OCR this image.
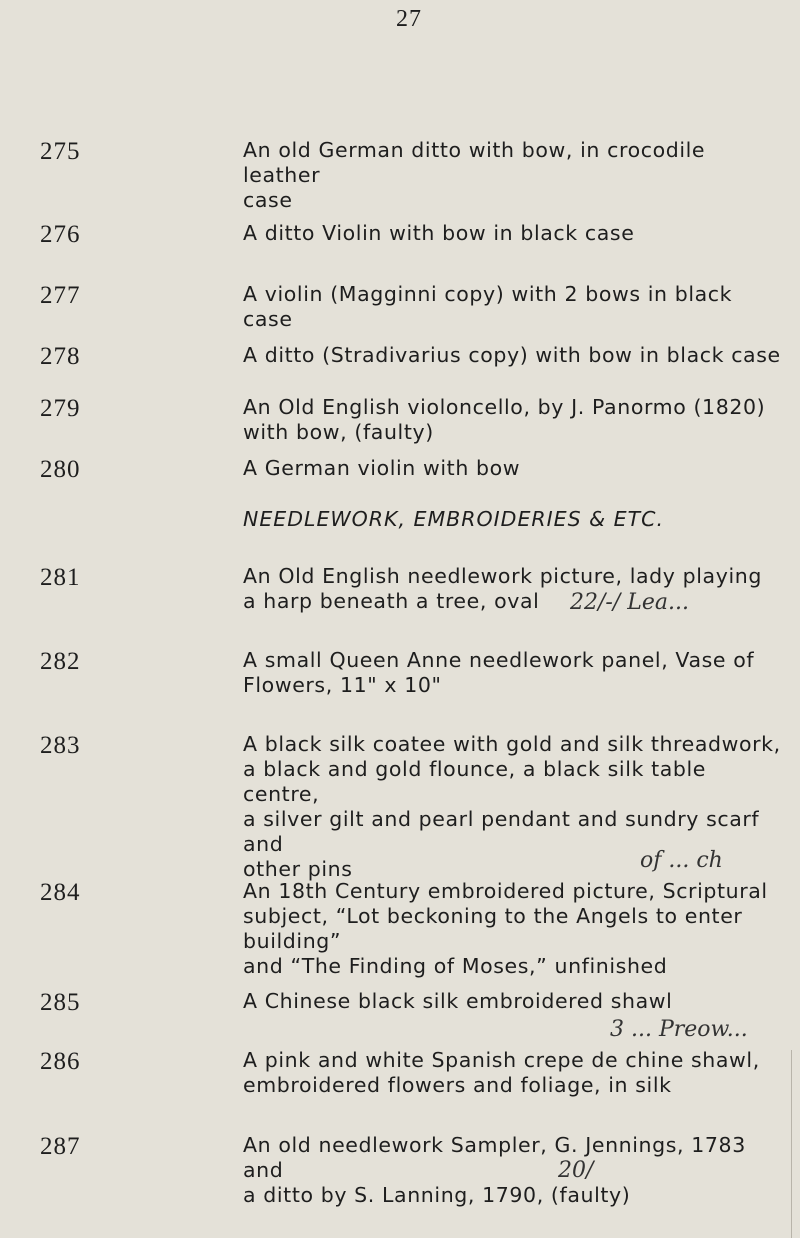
27
275	An old German ditto with bow, in crocodile leather
case
276	A ditto Violin with bow in black case
277	A violin (Magginni copy) with 2 bows in black case
278	A ditto (Stradivarius copy) with bow in black case
279	An Old English violoncello, by J. Panormo (1820)
with bow, (faulty)
280	A German violin with bow
NEEDLEWORK, EMBROIDERIES & ETC.
281	An Old English needlework picture, lady playing
a harp beneath a tree, oval
282	A small Queen Anne needlework panel, Vase of
Flowers, 11" x 10"
283	A black silk coatee with gold and silk threadwork,
a black and gold flounce, a black silk table centre,
a silver gilt and pearl pendant and sundry scarf and
other pins
284	An 18th Century embroidered picture, Scriptural
subject, “Lot beckoning to the Angels to enter building”
and “The Finding of Moses,” unfinished
285	A Chinese black silk embroidered shawl
286	A pink and white Spanish crepe de chine shawl,
embroidered flowers and foliage, in silk
287	An old needlework Sampler, G. Jennings, 1783 and
a ditto by S. Lanning, 1790, (faulty)
22/-/ Lea...
of ... ch
3 ... Preow...
20/
